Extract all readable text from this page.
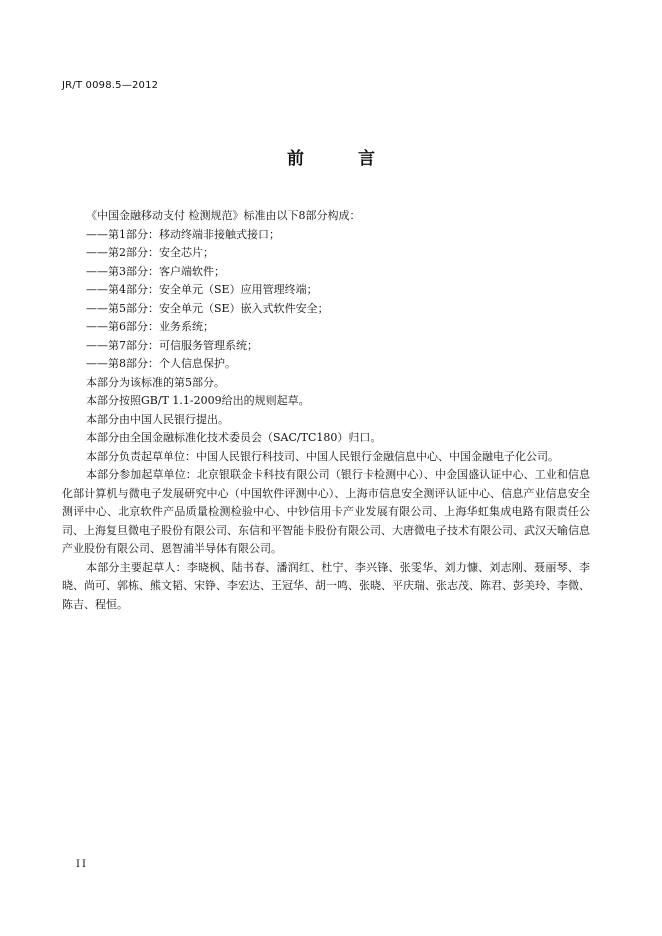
JR/T 0098.5—2012
前 言
《中国金融移动支付 检测规范》标准由以下8部分构成：
——第1部分：移动终端非接触式接口；
——第2部分：安全芯片；
——第3部分：客户端软件；
——第4部分：安全单元（SE）应用管理终端；
——第5部分：安全单元（SE）嵌入式软件安全；
——第6部分：业务系统；
——第7部分：可信服务管理系统；
——第8部分：个人信息保护。
本部分为该标准的第5部分。
本部分按照GB/T 1.1-2009给出的规则起草。
本部分由中国人民银行提出。
本部分由全国金融标准化技术委员会（SAC/TC180）归口。
本部分负责起草单位：中国人民银行科技司、中国人民银行金融信息中心、中国金融电子化公司。
本部分参加起草单位：北京银联金卡科技有限公司（银行卡检测中心）、中金国盛认证中心、工业和信息化部计算机与微电子发展研究中心（中国软件评测中心）、上海市信息安全测评认证中心、信息产业信息安全测评中心、北京软件产品质量检测检验中心、中钞信用卡产业发展有限公司、上海华虹集成电路有限责任公司、上海复旦微电子股份有限公司、东信和平智能卡股份有限公司、大唐微电子技术有限公司、武汉天喻信息产业股份有限公司、恩智浦半导体有限公司。
本部分主要起草人：李晓枫、陆书春、潘润红、杜宁、李兴锋、张雯华、刘力慷、刘志刚、聂丽琴、李晓、尚可、郭栋、熊文韬、宋铮、李宏达、王冠华、胡一鸣、张晓、平庆瑞、张志茂、陈君、彭美玲、李微、陈吉、程恒。
II
